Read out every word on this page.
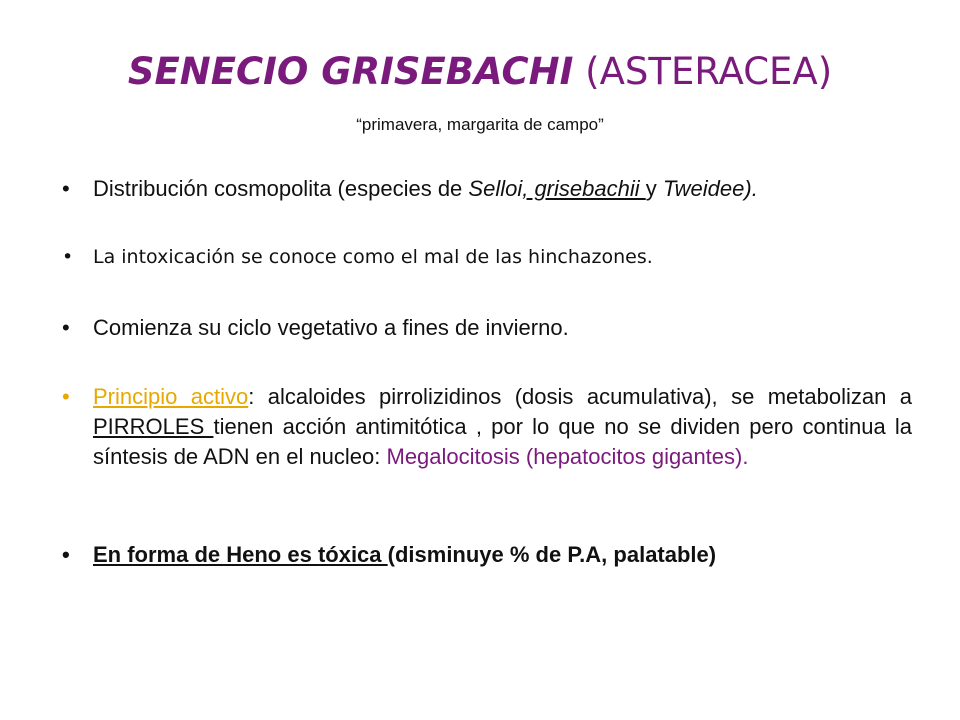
SENECIO GRISEBACHI (ASTERACEA)
“primavera, margarita de campo”
•	Distribución cosmopolita (especies de Selloi, grisebachii y Tweidee).
•	La intoxicación se conoce como el mal de las hinchazones.
•	Comienza su ciclo vegetativo a fines de invierno.
•	Principio activo: alcaloides pirrolizidinos (dosis acumulativa), se metabolizan a PIRROLES tienen acción antimitótica , por lo que no se dividen pero continua la síntesis de ADN en el nucleo: Megalocitosis (hepatocitos gigantes).
•	En forma de Heno es tóxica (disminuye % de P.A, palatable)
